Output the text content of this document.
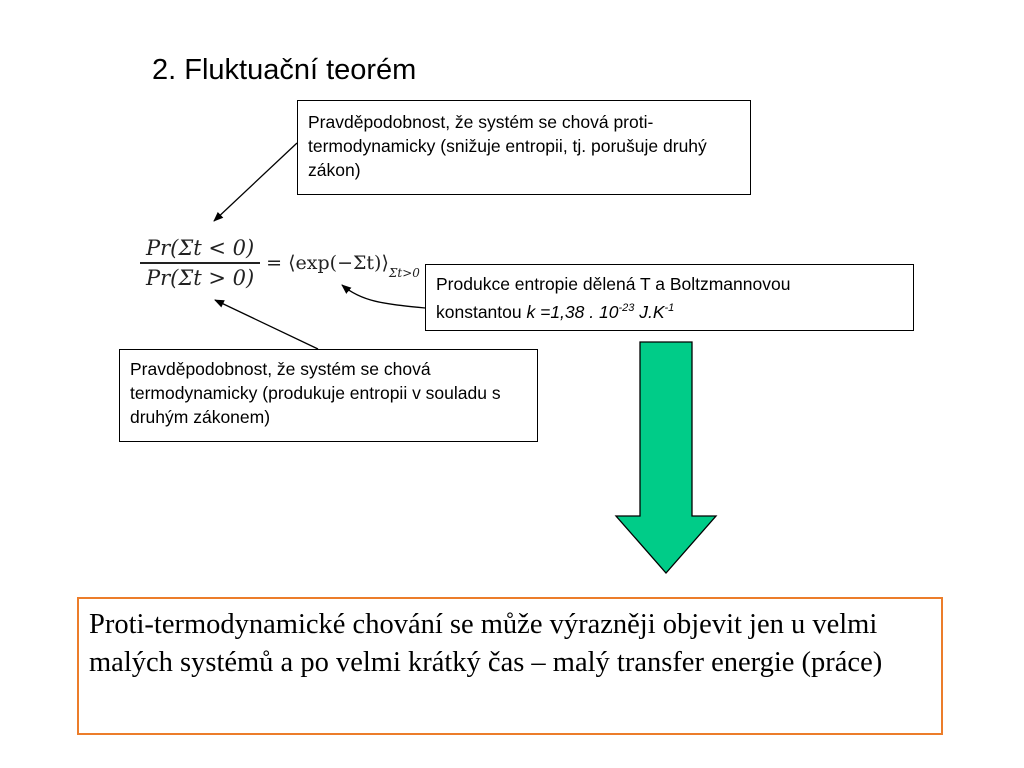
2. Fluktuační teorém
Pravděpodobnost, že systém se chová proti-termodynamicky (snižuje entropii, tj. porušuje druhý zákon)
$\frac{Pr(\Sigma t < 0)}{Pr(\Sigma t > 0)}$ = $⟨\exp(-\Sigma t)⟩_{\Sigma t>0}$
Produkce entropie dělená T a Boltzmannovou
konstantou k =1,38 . $10^{-23}$ $J.K^{-1}$
Pravděpodobnost, že systém se chová termodynamicky (produkuje entropii v souladu s druhým zákonem)
Proti-termodynamické chování se může výrazněji objevit jen u velmi malých systémů a po velmi krátký čas – malý transfer energie (práce)
